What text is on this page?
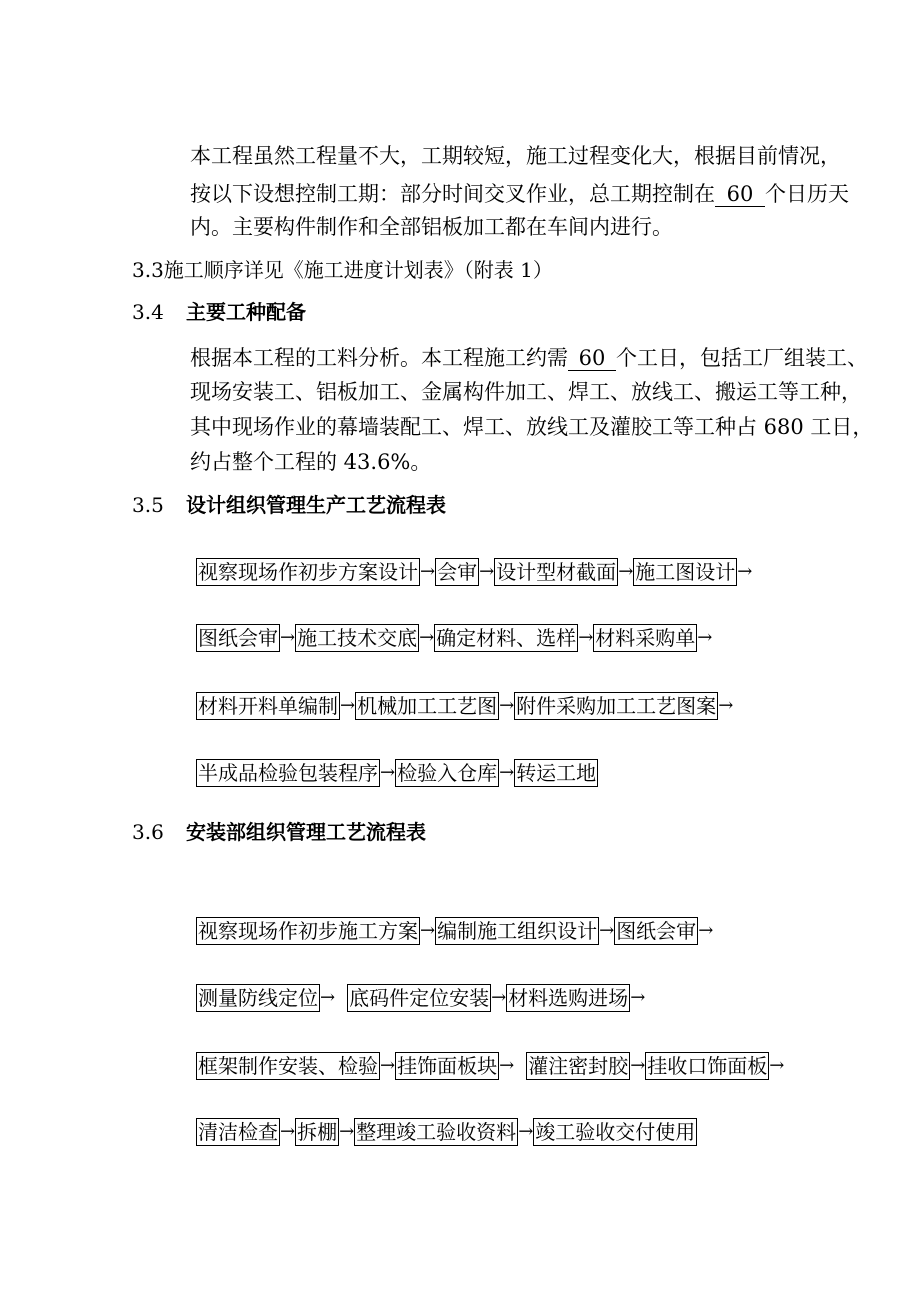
本工程虽然工程量不大，工期较短，施工过程变化大，根据目前情况，
按以下设想控制工期：部分时间交叉作业，总工期控制在 60 个日历天
内。主要构件制作和全部铝板加工都在车间内进行。
3.3施工顺序详见《施工进度计划表》（附表 1）
3.4 主要工种配备
根据本工程的工料分析。本工程施工约需 60 个工日，包括工厂组装工、
现场安装工、铝板加工、金属构件加工、焊工、放线工、搬运工等工种，
其中现场作业的幕墙装配工、焊工、放线工及灌胶工等工种占 680 工日，
约占整个工程的 43.6%。
3.5 设计组织管理生产工艺流程表
视察现场作初步方案设计 → 会审 → 设计型材截面 → 施工图设计 →
图纸会审 → 施工技术交底 → 确定材料、选样 → 材料采购单 →
材料开料单编制 → 机械加工工艺图 → 附件采购加工工艺图案 →
半成品检验包装程序 → 检验入仓库 → 转运工地
3.6 安装部组织管理工艺流程表
视察现场作初步施工方案 → 编制施工组织设计 → 图纸会审 →
测量防线定位 → 底码件定位安装 → 材料选购进场 →
框架制作安装、检验 → 挂饰面板块 → 灌注密封胶 → 挂收口饰面板 →
清洁检查 → 拆棚 → 整理竣工验收资料 → 竣工验收交付使用
